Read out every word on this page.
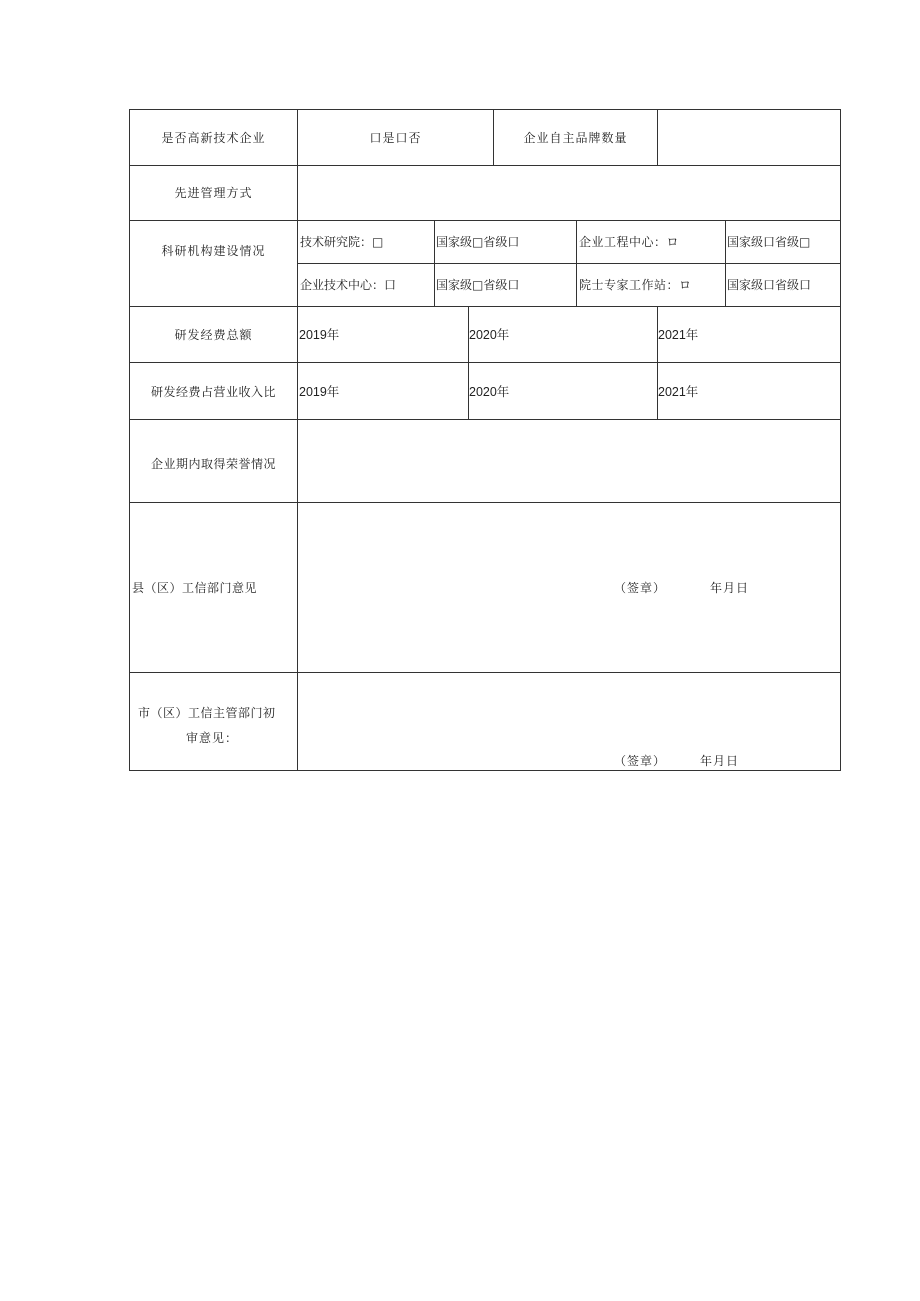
是否高新技术企业	口是口否	企业自主品牌数量
先进管理方式
科研机构建设情况
技术研究院：□	国家级□省级口	企业工程中心：ロ	国家级口省级□
企业技术中心：口	国家级□省级口	院士专家工作站：ロ	国家级口省级口
研发经费总额	2019年	2020年	2021年
研发经费占营业收入比	2019年	2020年	2021年
企业期内取得荣誉情况
县（区）工信部门意见	（签章）	年月日
市（区）工信主管部门初
审意见：
（签章）	年月日
